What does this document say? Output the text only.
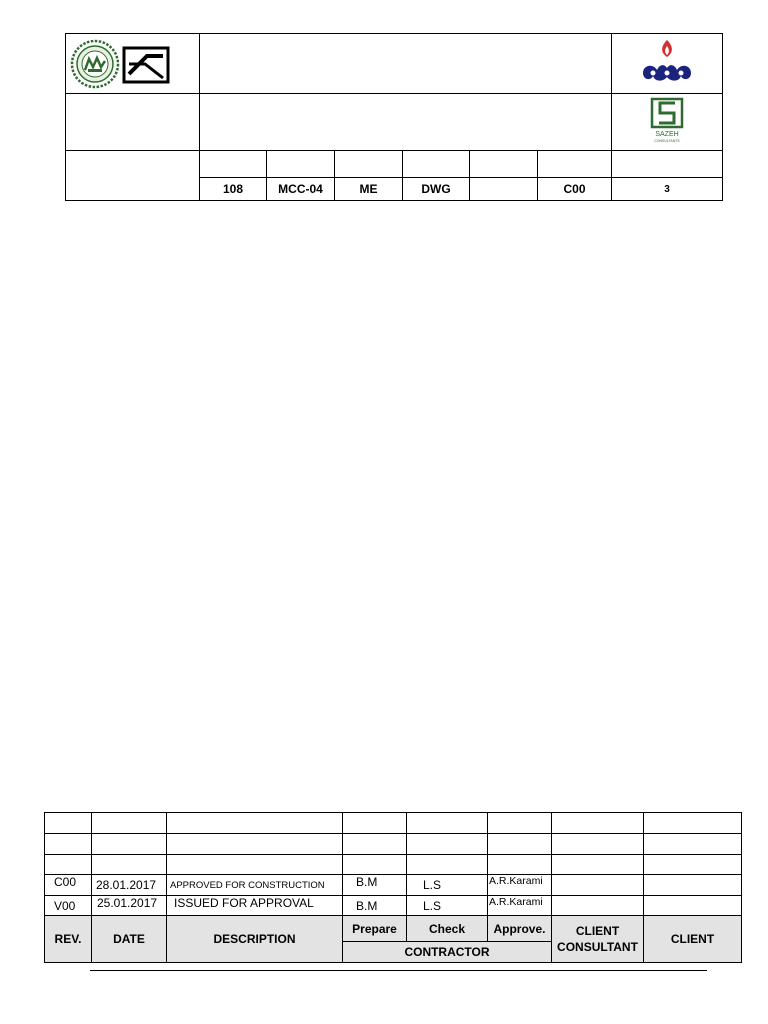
SAZEH
CONSULTANTS

	108	MCC-04	ME	DWG		C00	3

C00	28.01.2017	APPROVED FOR CONSTRUCTION	B.M	L.S	A.R.Karami		
V00	25.01.2017	ISSUED FOR APPROVAL	B.M	L.S	A.R.Karami		
REV.	DATE	DESCRIPTION	Prepare	Check	Approve.	CLIENT CONSULTANT	CLIENT
			CONTRACTOR				
